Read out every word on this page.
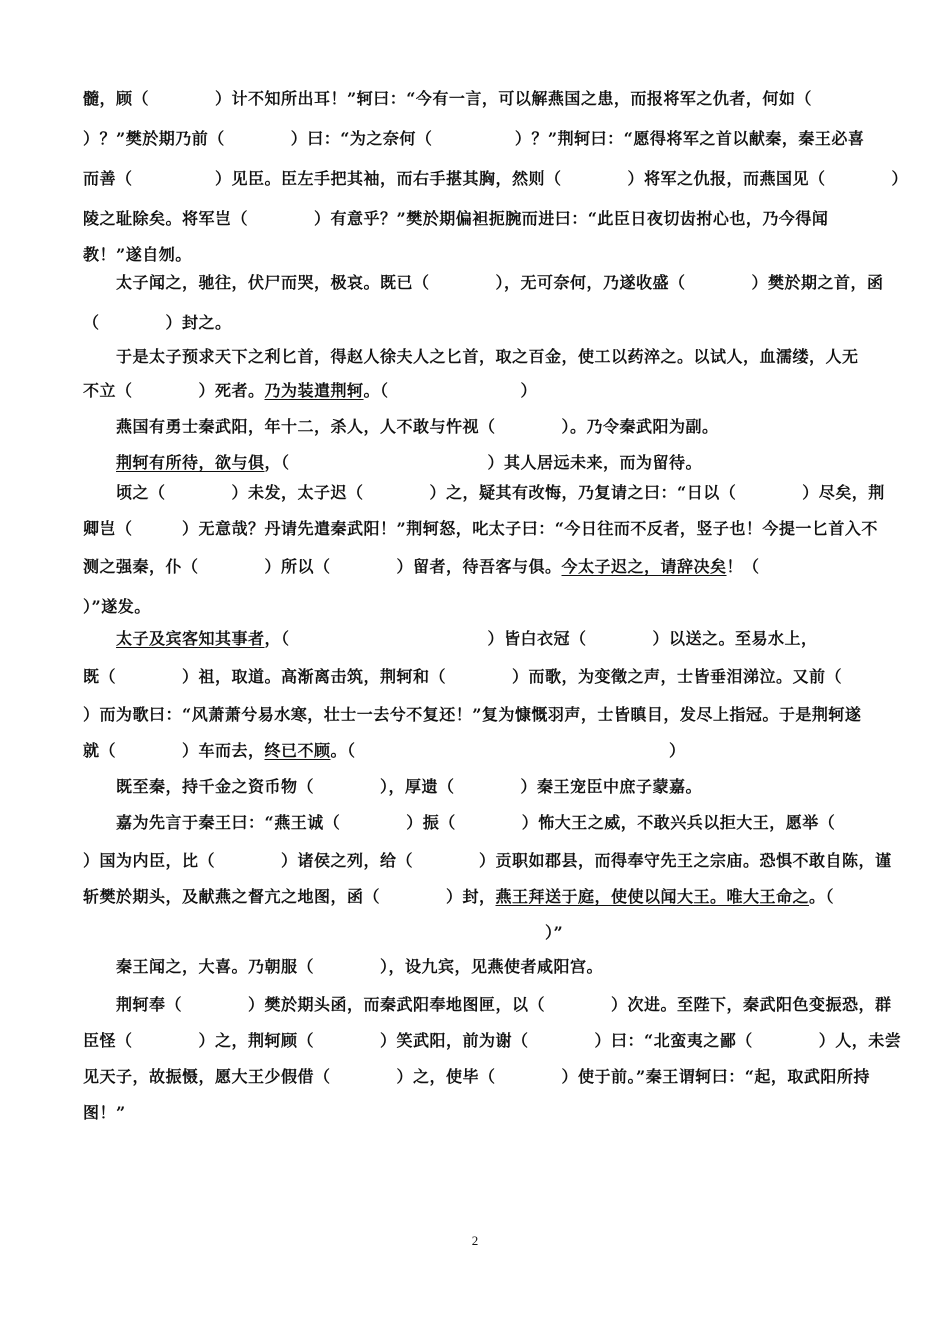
髓，顾（　　　　）计不知所出耳！”轲曰：“今有一言，可以解燕国之患，而报将军之仇者，何如（
）？”樊於期乃前（　　　　）曰：“为之奈何（　　　　　）？”荆轲曰：“愿得将军之首以献秦，秦王必喜
而善（　　　　　）见臣。臣左手把其袖，而右手揕其胸，然则（　　　　）将军之仇报，而燕国见（　　　　）
陵之耻除矣。将军岂（　　　　）有意乎？”樊於期偏袒扼腕而进曰：“此臣日夜切齿拊心也，乃今得闻
教！”遂自刎。
　　太子闻之，驰往，伏尸而哭，极哀。既已（　　　　），无可奈何，乃遂收盛（　　　　）樊於期之首，函
（　　　　）封之。
　　于是太子预求天下之利匕首，得赵人徐夫人之匕首，取之百金，使工以药淬之。以试人，血濡缕，人无
不立（　　　　）死者。乃为装遣荆轲。（　　　　　　　　）
　　燕国有勇士秦武阳，年十二，杀人，人不敢与忤视（　　　　）。乃令秦武阳为副。
　　荆轲有所待，欲与俱，（　　　　　　　　　　　　）其人居远未来，而为留待。
　　顷之（　　　　）未发，太子迟（　　　　）之，疑其有改悔，乃复请之曰：“日以（　　　　）尽矣，荆
卿岂（　　　）无意哉？丹请先遣秦武阳！”荆轲怒，叱太子曰：“今日往而不反者，竖子也！今提一匕首入不
测之强秦，仆（　　　　）所以（　　　　）留者，待吾客与俱。今太子迟之，请辞决矣！（
）”遂发。
　　太子及宾客知其事者，（　　　　　　　　　　　　）皆白衣冠（　　　　）以送之。至易水上，
既（　　　　）祖，取道。高渐离击筑，荆轲和（　　　　）而歌，为变徵之声，士皆垂泪涕泣。又前（
）而为歌曰：“风萧萧兮易水寒，壮士一去兮不复还！”复为慷慨羽声，士皆瞋目，发尽上指冠。于是荆轲遂
就（　　　　）车而去，终已不顾。（　　　　　　　　　　　　　　　　　　　）
　　既至秦，持千金之资币物（　　　　），厚遗（　　　　）秦王宠臣中庶子蒙嘉。
　　嘉为先言于秦王曰：“燕王诚（　　　　）振（　　　　）怖大王之威，不敢兴兵以拒大王，愿举（
）国为内臣，比（　　　　）诸侯之列，给（　　　　）贡职如郡县，而得奉守先王之宗庙。恐惧不敢自陈，谨
斩樊於期头，及献燕之督亢之地图，函（　　　　）封，燕王拜送于庭，使使以闻大王。唯大王命之。（
　　　　　　　　　　　　　　　　　　　　　　　　　　　　）”
　　秦王闻之，大喜。乃朝服（　　　　），设九宾，见燕使者咸阳宫。
　　荆轲奉（　　　　）樊於期头函，而秦武阳奉地图匣，以（　　　　）次进。至陛下，秦武阳色变振恐，群
臣怪（　　　　）之，荆轲顾（　　　　）笑武阳，前为谢（　　　　）曰：“北蛮夷之鄙（　　　　）人，未尝
见天子，故振慑，愿大王少假借（　　　　）之，使毕（　　　　）使于前。”秦王谓轲曰：“起，取武阳所持
图！”
2
